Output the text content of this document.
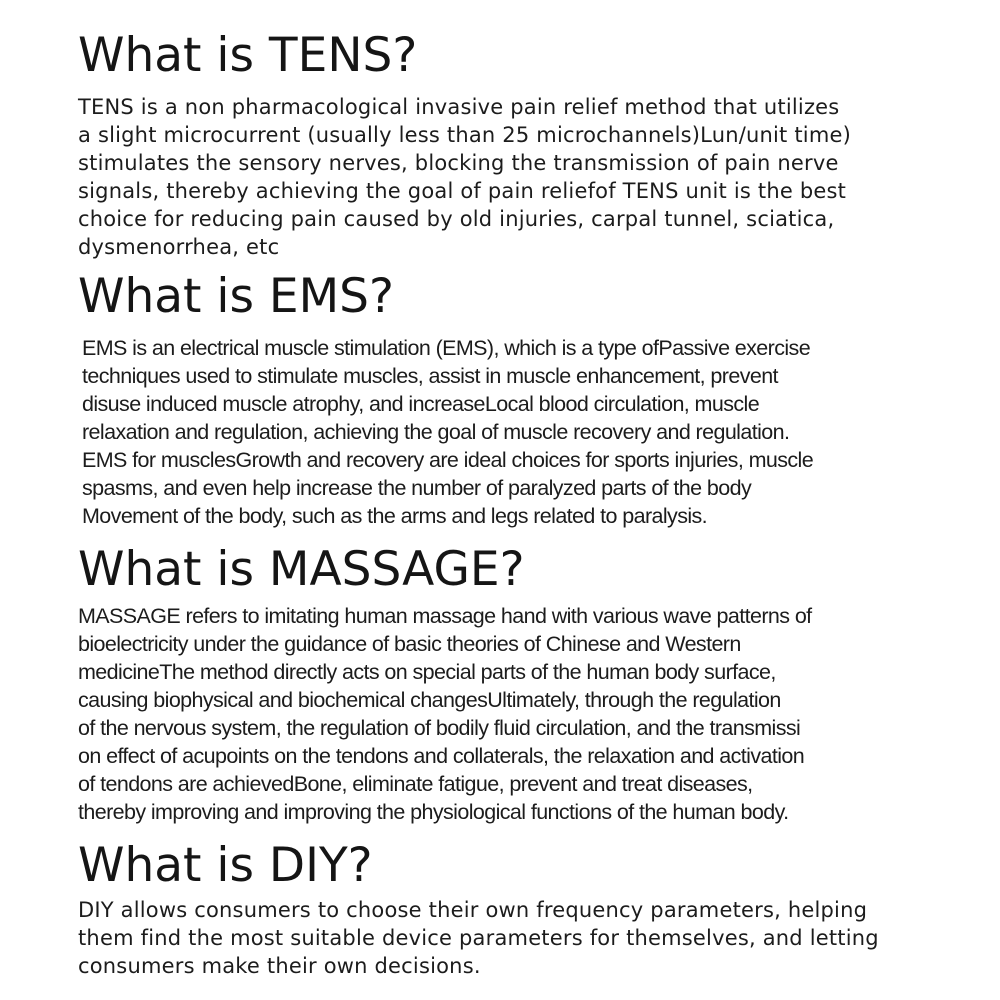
What is TENS?

TENS is a non pharmacological invasive pain relief method that utilizes
a slight microcurrent (usually less than 25 microchannels)Lun/unit time)
stimulates the sensory nerves, blocking the transmission of pain nerve
signals, thereby achieving the goal of pain reliefof TENS unit is the best
choice for reducing pain caused by old injuries, carpal tunnel, sciatica,
dysmenorrhea, etc

What is EMS?

EMS is an electrical muscle stimulation (EMS), which is a type ofPassive exercise
techniques used to stimulate muscles, assist in muscle enhancement, prevent
disuse induced muscle atrophy, and increaseLocal blood circulation, muscle
relaxation and regulation, achieving the goal of muscle recovery and regulation.
EMS for musclesGrowth and recovery are ideal choices for sports injuries, muscle
spasms, and even help increase the number of paralyzed parts of the body
Movement of the body, such as the arms and legs related to paralysis.

What is MASSAGE?

MASSAGE refers to imitating human massage hand with various wave patterns of
bioelectricity under the guidance of basic theories of Chinese and Western
medicineThe method directly acts on special parts of the human body surface,
causing biophysical and biochemical changesUltimately, through the regulation
of the nervous system, the regulation of bodily fluid circulation, and the transmissi
on effect of acupoints on the tendons and collaterals, the relaxation and activation
of tendons are achievedBone, eliminate fatigue, prevent and treat diseases,
thereby improving and improving the physiological functions of the human body.

What is DIY?

DIY allows consumers to choose their own frequency parameters, helping
them find the most suitable device parameters for themselves, and letting
consumers make their own decisions.
